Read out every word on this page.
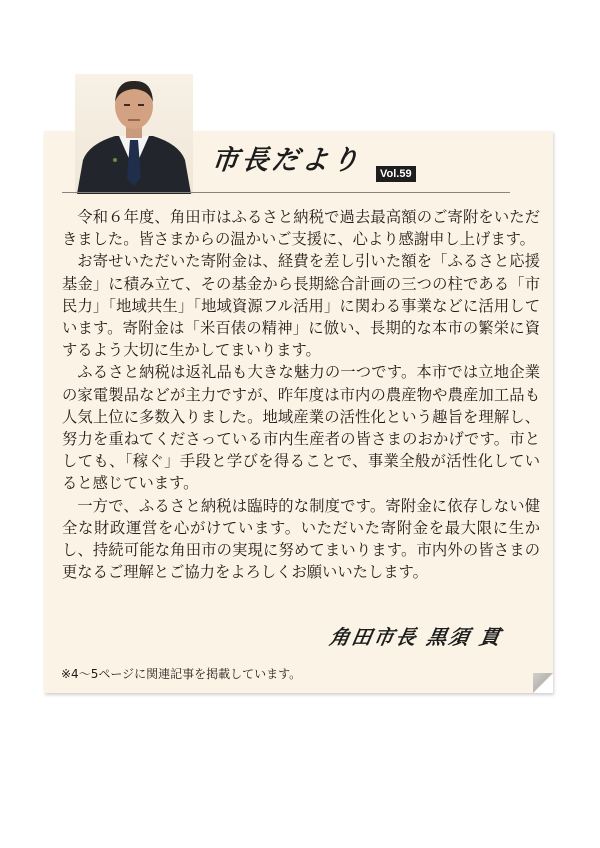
市長だより	Vol.59

令和６年度、角田市はふるさと納税で過去最高額のご寄附をいただきました。皆さまからの温かいご支援に、心より感謝申し上げます。

お寄せいただいた寄附金は、経費を差し引いた額を「ふるさと応援基金」に積み立て、その基金から長期総合計画の三つの柱である「市民力」「地域共生」「地域資源フル活用」に関わる事業などに活用しています。寄附金は「米百俵の精神」に倣い、長期的な本市の繁栄に資するよう大切に生かしてまいります。

ふるさと納税は返礼品も大きな魅力の一つです。本市では立地企業の家電製品などが主力ですが、昨年度は市内の農産物や農産加工品も人気上位に多数入りました。地域産業の活性化という趣旨を理解し、努力を重ねてくださっている市内生産者の皆さまのおかげです。市としても、「稼ぐ」手段と学びを得ることで、事業全般が活性化していると感じています。

一方で、ふるさと納税は臨時的な制度です。寄附金に依存しない健全な財政運営を心がけています。いただいた寄附金を最大限に生かし、持続可能な角田市の実現に努めてまいります。市内外の皆さまの更なるご理解とご協力をよろしくお願いいたします。

角田市長 黒須 貫
※4〜5ページに関連記事を掲載しています。
